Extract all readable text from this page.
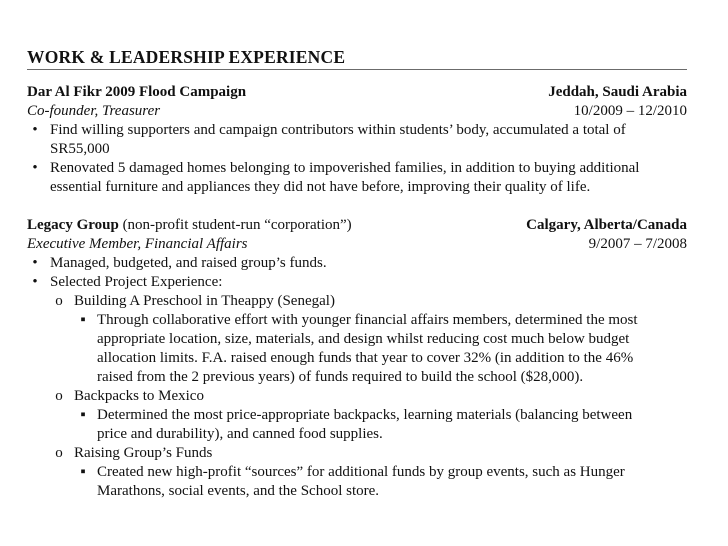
WORK & LEADERSHIP EXPERIENCE
Dar Al Fikr 2009 Flood Campaign	Jeddah, Saudi Arabia
Co-founder, Treasurer	10/2009 – 12/2010
• Find willing supporters and campaign contributors within students’ body, accumulated a total of
SR55,000
• Renovated 5 damaged homes belonging to impoverished families, in addition to buying additional
essential furniture and appliances they did not have before, improving their quality of life.
Legacy Group (non-profit student-run “corporation”)	Calgary, Alberta/Canada
Executive Member, Financial Affairs	9/2007 – 7/2008
• Managed, budgeted, and raised group’s funds.
• Selected Project Experience:
o Building A Preschool in Theappy (Senegal)
▪ Through collaborative effort with younger financial affairs members, determined the most
appropriate location, size, materials, and design whilst reducing cost much below budget
allocation limits. F.A. raised enough funds that year to cover 32% (in addition to the 46%
raised from the 2 previous years) of funds required to build the school ($28,000).
o Backpacks to Mexico
▪ Determined the most price-appropriate backpacks, learning materials (balancing between
price and durability), and canned food supplies.
o Raising Group’s Funds
▪ Created new high-profit “sources” for additional funds by group events, such as Hunger
Marathons, social events, and the School store.
